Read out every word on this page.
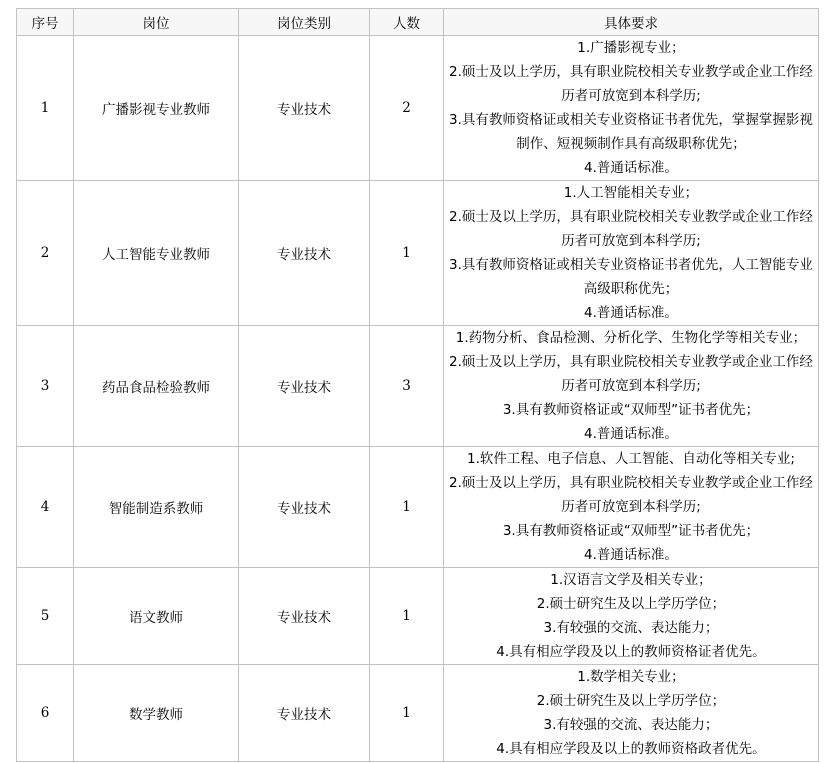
序号	岗位	岗位类别	人数	具体要求
1	广播影视专业教师	专业技术	2	1.广播影视专业；
2.硕士及以上学历，具有职业院校相关专业教学或企业工作经历者可放宽到本科学历;
3.具有教师资格证或相关专业资格证书者优先，掌握掌握影视制作、短视频制作具有高级职称优先；
4.普通话标准。

2	人工智能专业教师	专业技术	1	1.人工智能相关专业；
2.硕士及以上学历，具有职业院校相关专业教学或企业工作经历者可放宽到本科学历;
3.具有教师资格证或相关专业资格证书者优先，人工智能专业高级职称优先；
4.普通话标准。

3	药品食品检验教师	专业技术	3	1.药物分析、食品检测、分析化学、生物化学等相关专业；
2.硕士及以上学历，具有职业院校相关专业教学或企业工作经历者可放宽到本科学历;
3.具有教师资格证或“双师型”证书者优先；
4.普通话标准。

4	智能制造系教师	专业技术	1	1.软件工程、电子信息、人工智能、自动化等相关专业;
2.硕士及以上学历，具有职业院校相关专业教学或企业工作经历者可放宽到本科学历;
3.具有教师资格证或“双师型”证书者优先；
4.普通话标准。

5	语文教师	专业技术	1	1.汉语言文学及相关专业；
2.硕士研究生及以上学历学位；
3.有较强的交流、表达能力；
4.具有相应学段及以上的教师资格证者优先。

6	数学教师	专业技术	1	1.数学相关专业；
2.硕士研究生及以上学历学位；
3.有较强的交流、表达能力；
4.具有相应学段及以上的教师资格政者优先。
